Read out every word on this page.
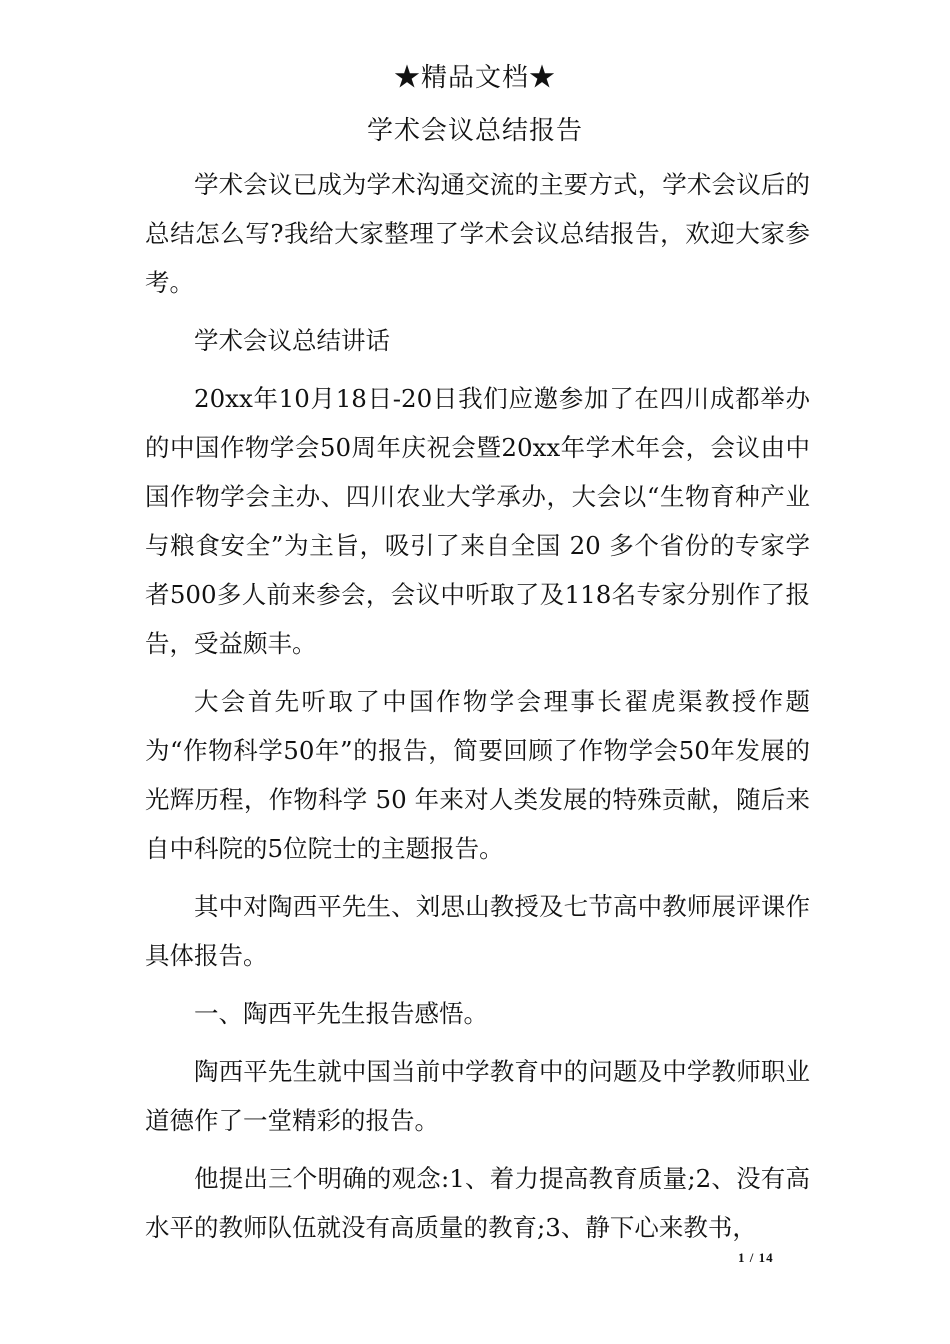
★精品文档★
学术会议总结报告

学术会议已成为学术沟通交流的主要方式，学术会议后的总结怎么写?我给大家整理了学术会议总结报告，欢迎大家参考。

学术会议总结讲话

20xx年10月18日-20日我们应邀参加了在四川成都举办的中国作物学会50周年庆祝会暨20xx年学术年会，会议由中国作物学会主办、四川农业大学承办，大会以“生物育种产业与粮食安全”为主旨，吸引了来自全国 20 多个省份的专家学者500多人前来参会，会议中听取了及118名专家分别作了报告，受益颇丰。

大会首先听取了中国作物学会理事长翟虎渠教授作题为“作物科学50年”的报告，简要回顾了作物学会50年发展的光辉历程，作物科学 50 年来对人类发展的特殊贡献，随后来自中科院的5位院士的主题报告。

其中对陶西平先生、刘思山教授及七节高中教师展评课作具体报告。

一、陶西平先生报告感悟。

陶西平先生就中国当前中学教育中的问题及中学教师职业道德作了一堂精彩的报告。

他提出三个明确的观念:1、着力提高教育质量;2、没有高水平的教师队伍就没有高质量的教育;3、静下心来教书，

1 / 14
